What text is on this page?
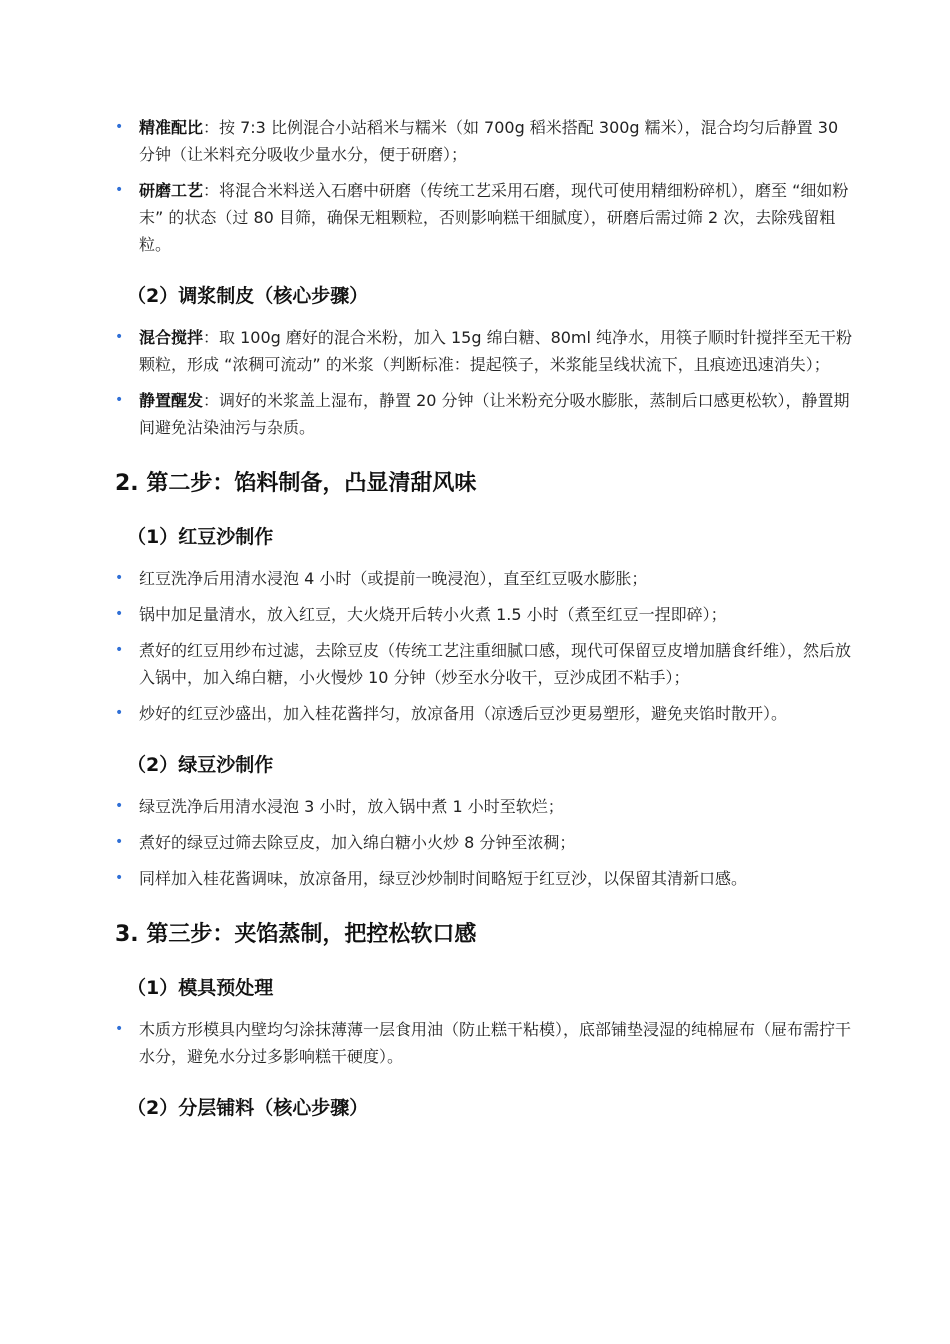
• 精准配比：按 7:3 比例混合小站稻米与糯米（如 700g 稻米搭配 300g 糯米），混合均匀后静置 30 分钟（让米料充分吸收少量水分，便于研磨）；
• 研磨工艺：将混合米料送入石磨中研磨（传统工艺采用石磨，现代可使用精细粉碎机），磨至 “细如粉末” 的状态（过 80 目筛，确保无粗颗粒，否则影响糕干细腻度），研磨后需过筛 2 次，去除残留粗粒。
（2）调浆制皮（核心步骤）
• 混合搅拌：取 100g 磨好的混合米粉，加入 15g 绵白糖、80ml 纯净水，用筷子顺时针搅拌至无干粉颗粒，形成 “浓稠可流动” 的米浆（判断标准：提起筷子，米浆能呈线状流下，且痕迹迅速消失）；
• 静置醒发：调好的米浆盖上湿布，静置 20 分钟（让米粉充分吸水膨胀，蒸制后口感更松软），静置期间避免沾染油污与杂质。
2. 第二步：馅料制备，凸显清甜风味
（1）红豆沙制作
• 红豆洗净后用清水浸泡 4 小时（或提前一晚浸泡），直至红豆吸水膨胀；
• 锅中加足量清水，放入红豆，大火烧开后转小火煮 1.5 小时（煮至红豆一捏即碎）；
• 煮好的红豆用纱布过滤，去除豆皮（传统工艺注重细腻口感，现代可保留豆皮增加膳食纤维），然后放入锅中，加入绵白糖，小火慢炒 10 分钟（炒至水分收干，豆沙成团不粘手）；
• 炒好的红豆沙盛出，加入桂花酱拌匀，放凉备用（凉透后豆沙更易塑形，避免夹馅时散开）。
（2）绿豆沙制作
• 绿豆洗净后用清水浸泡 3 小时，放入锅中煮 1 小时至软烂；
• 煮好的绿豆过筛去除豆皮，加入绵白糖小火炒 8 分钟至浓稠；
• 同样加入桂花酱调味，放凉备用，绿豆沙炒制时间略短于红豆沙，以保留其清新口感。
3. 第三步：夹馅蒸制，把控松软口感
（1）模具预处理
• 木质方形模具内壁均匀涂抹薄薄一层食用油（防止糕干粘模），底部铺垫浸湿的纯棉屉布（屉布需拧干水分，避免水分过多影响糕干硬度）。
（2）分层铺料（核心步骤）
